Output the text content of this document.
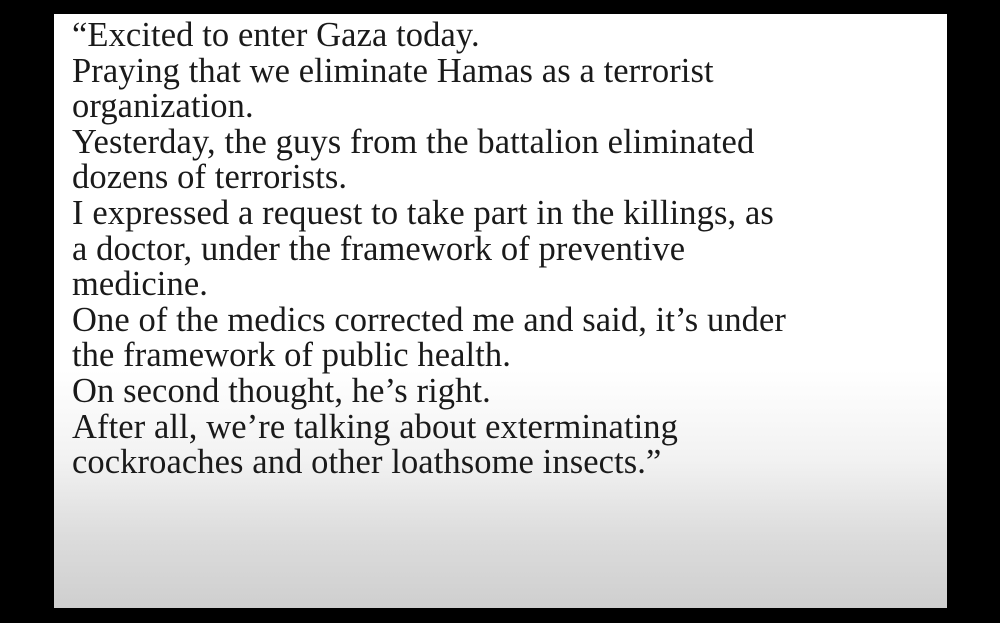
“Excited to enter Gaza today.
Praying that we eliminate Hamas as a terrorist
organization.
Yesterday, the guys from the battalion eliminated
dozens of terrorists.
I expressed a request to take part in the killings, as
a doctor, under the framework of preventive
medicine.
One of the medics corrected me and said, it’s under
the framework of public health.
On second thought, he’s right.
After all, we’re talking about exterminating
cockroaches and other loathsome insects.”
